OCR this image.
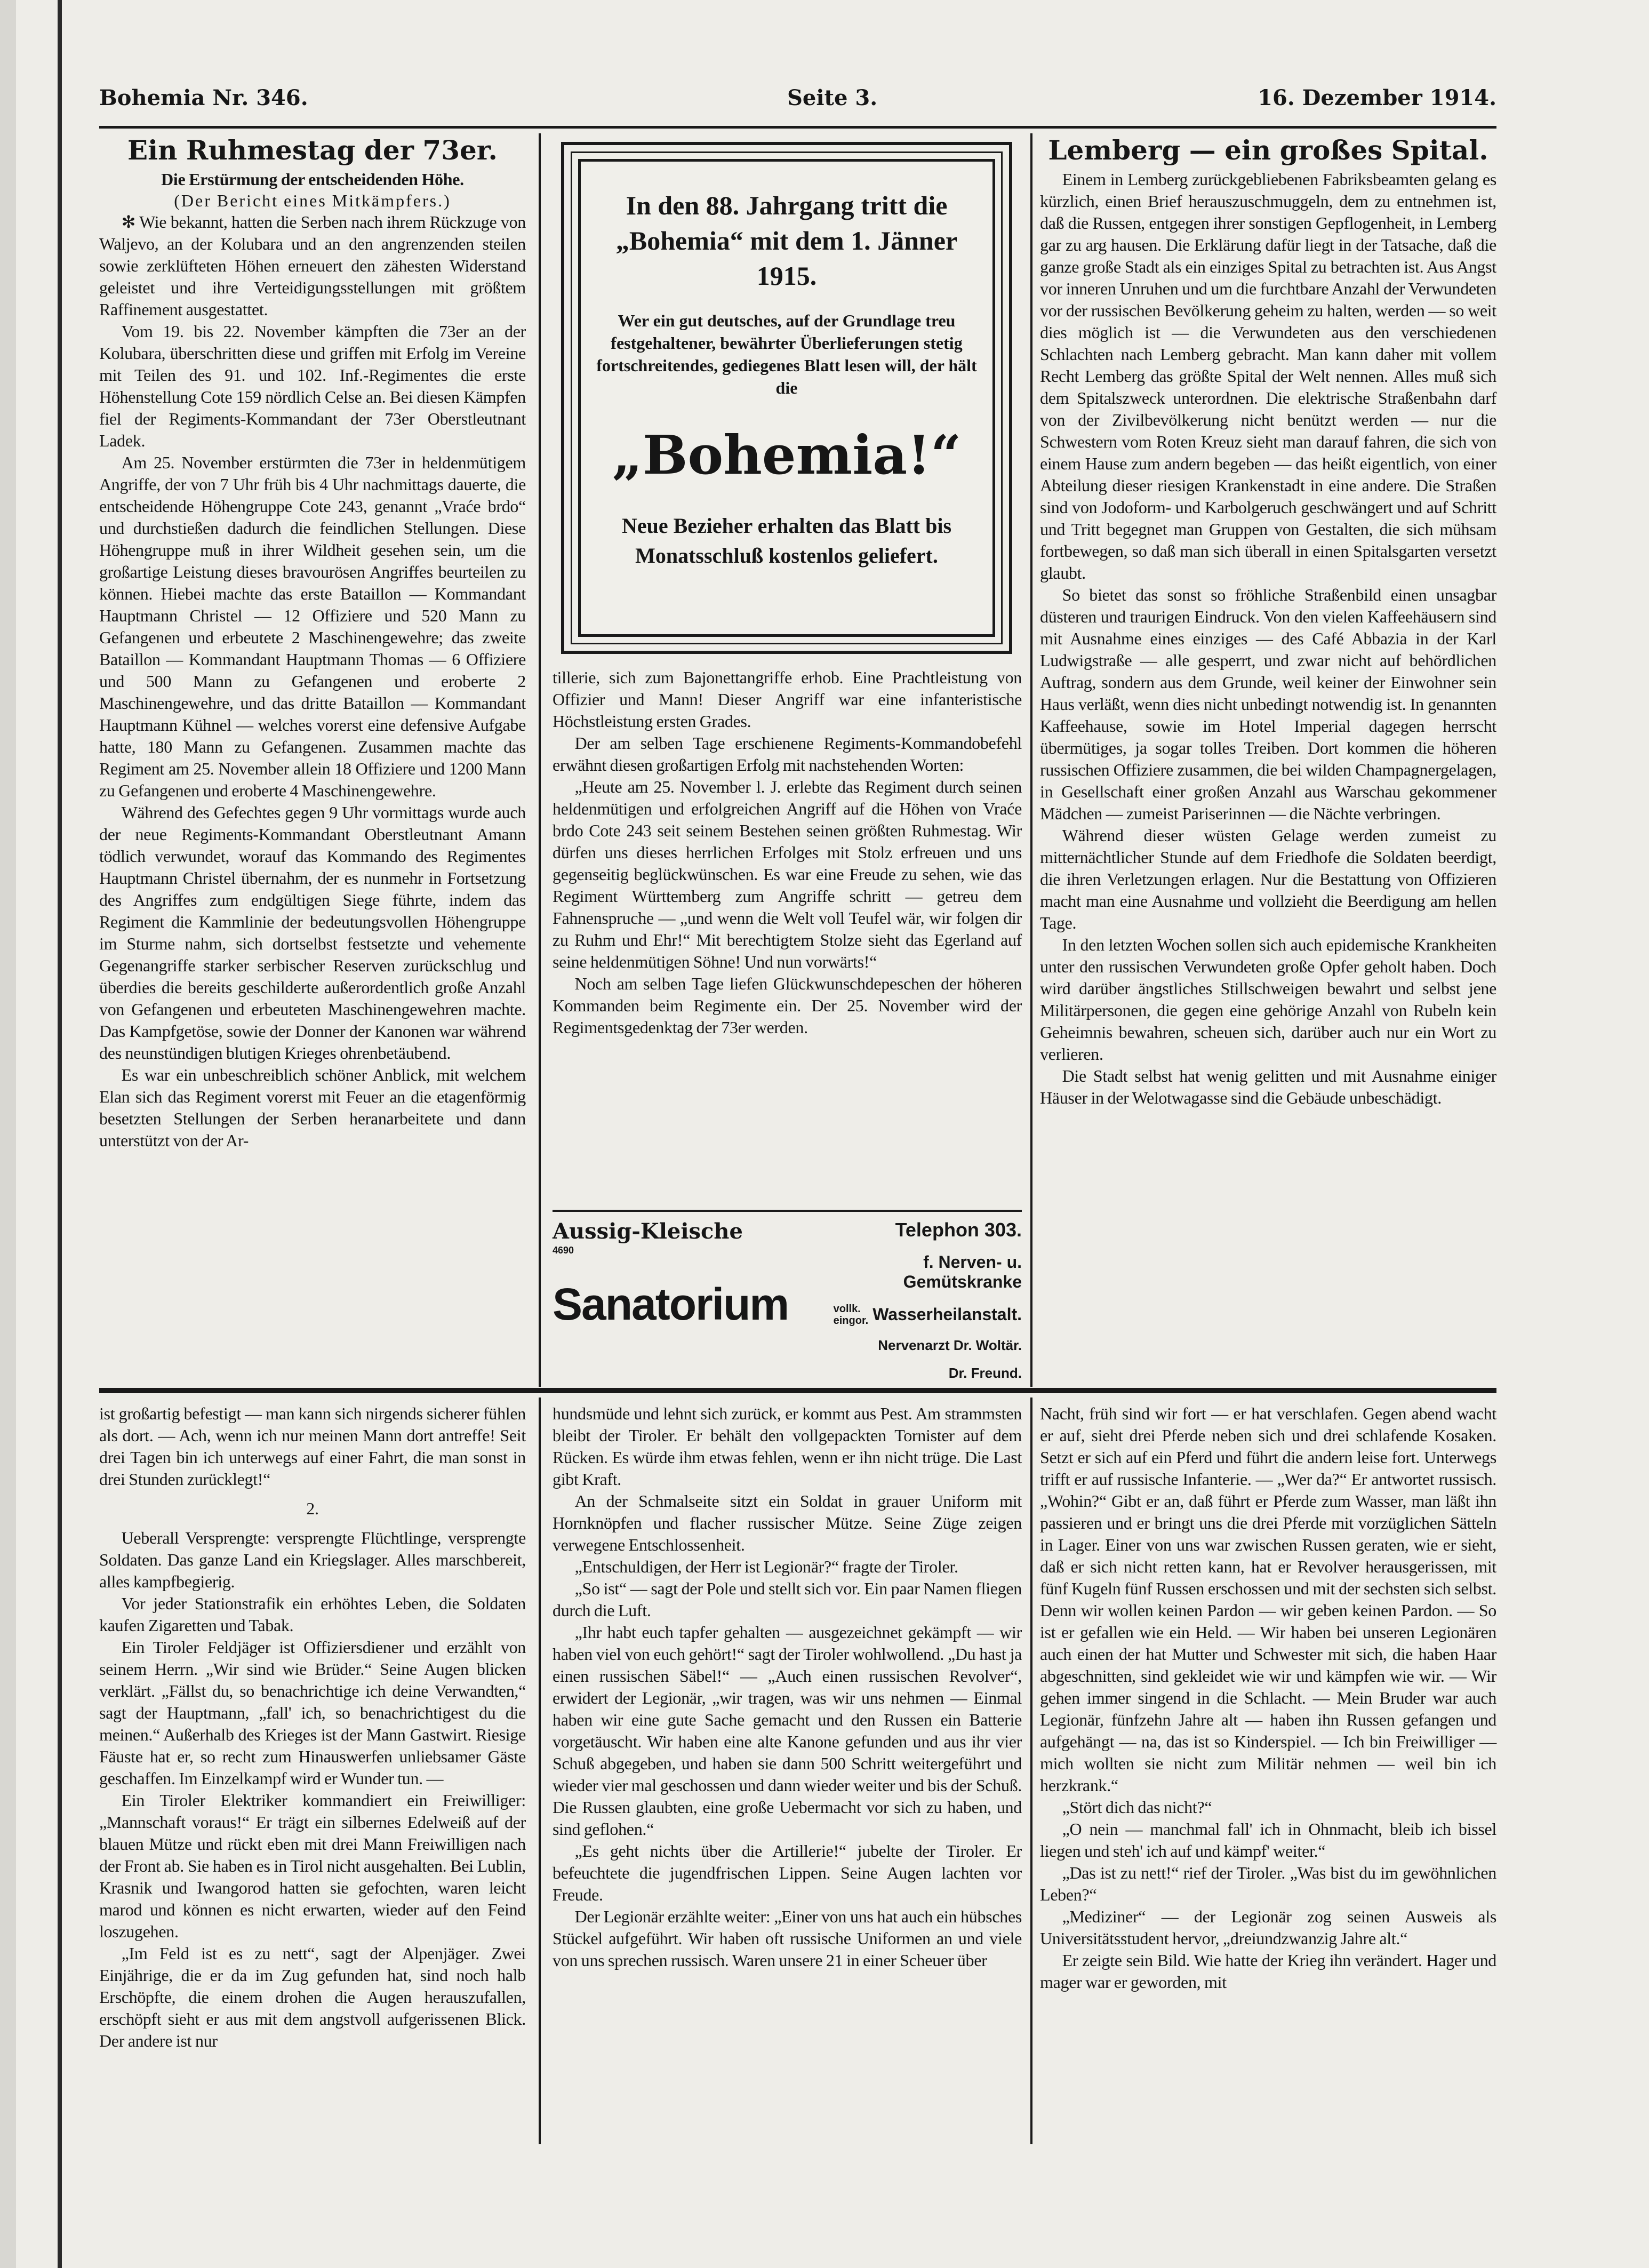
Bohemia Nr. 346.	Seite 3.	16. Dezember 1914.
Ein Ruhmestag der 73er.

Die Erstürmung der entscheidenden Höhe.

(Der Bericht eines Mitkämpfers.)

✻ Wie bekannt, hatten die Serben nach ihrem Rückzuge von Waljevo, an der Kolubara und an den angrenzenden steilen sowie zerklüfteten Höhen erneuert den zähesten Widerstand geleistet und ihre Verteidigungsstellungen mit größtem Raffinement ausgestattet.

Vom 19. bis 22. November kämpften die 73er an der Kolubara, überschritten diese und griffen mit Erfolg im Vereine mit Teilen des 91. und 102. Inf.-Regimentes die erste Höhenstellung Cote 159 nördlich Celse an. Bei diesen Kämpfen fiel der Regiments-Kommandant der 73er Oberstleutnant Ladek.

Am 25. November erstürmten die 73er in heldenmütigem Angriffe, der von 7 Uhr früh bis 4 Uhr nachmittags dauerte, die entscheidende Höhengruppe Cote 243, genannt „Vraće brdo“ und durchstießen dadurch die feindlichen Stellungen. Diese Höhengruppe muß in ihrer Wildheit gesehen sein, um die großartige Leistung dieses bravourösen Angriffes beurteilen zu können. Hiebei machte das erste Bataillon — Kommandant Hauptmann Christel — 12 Offiziere und 520 Mann zu Gefangenen und erbeutete 2 Maschinengewehre; das zweite Bataillon — Kommandant Hauptmann Thomas — 6 Offiziere und 500 Mann zu Gefangenen und eroberte 2 Maschinengewehre, und das dritte Bataillon — Kommandant Hauptmann Kühnel — welches vorerst eine defensive Aufgabe hatte, 180 Mann zu Gefangenen. Zusammen machte das Regiment am 25. November allein 18 Offiziere und 1200 Mann zu Gefangenen und eroberte 4 Maschinengewehre.

Während des Gefechtes gegen 9 Uhr vormittags wurde auch der neue Regiments-Kommandant Oberstleutnant Amann tödlich verwundet, worauf das Kommando des Regimentes Hauptmann Christel übernahm, der es nunmehr in Fortsetzung des Angriffes zum endgültigen Siege führte, indem das Regiment die Kammlinie der bedeutungsvollen Höhengruppe im Sturme nahm, sich dortselbst festsetzte und vehemente Gegenangriffe starker serbischer Reserven zurückschlug und überdies die bereits geschilderte außerordentlich große Anzahl von Gefangenen und erbeuteten Maschinengewehren machte. Das Kampfgetöse, sowie der Donner der Kanonen war während des neunstündigen blutigen Krieges ohrenbetäubend.

Es war ein unbeschreiblich schöner Anblick, mit welchem Elan sich das Regiment vorerst mit Feuer an die etagenförmig besetzten Stellungen der Serben heranarbeitete und dann unterstützt von der Ar-

In den 88. Jahrgang tritt die „Bohemia“ mit dem 1. Jänner 1915.
Wer ein gut deutsches, auf der Grundlage treu festgehaltener, bewährter Überlieferungen stetig fortschreitendes, gediegenes Blatt lesen will, der hält die
„Bohemia!“
Neue Bezieher erhalten das Blatt bis Monatsschluß kostenlos geliefert.

tillerie, sich zum Bajonettangriffe erhob. Eine Prachtleistung von Offizier und Mann! Dieser Angriff war eine infanteristische Höchstleistung ersten Grades.

Der am selben Tage erschienene Regiments-Kommandobefehl erwähnt diesen großartigen Erfolg mit nachstehenden Worten:

„Heute am 25. November l. J. erlebte das Regiment durch seinen heldenmütigen und erfolgreichen Angriff auf die Höhen von Vraće brdo Cote 243 seit seinem Bestehen seinen größten Ruhmestag. Wir dürfen uns dieses herrlichen Erfolges mit Stolz erfreuen und uns gegenseitig beglückwünschen. Es war eine Freude zu sehen, wie das Regiment Württemberg zum Angriffe schritt — getreu dem Fahnenspruche — „und wenn die Welt voll Teufel wär, wir folgen dir zu Ruhm und Ehr!“ Mit berechtigtem Stolze sieht das Egerland auf seine heldenmütigen Söhne! Und nun vorwärts!“

Noch am selben Tage liefen Glückwunschdepeschen der höheren Kommanden beim Regimente ein. Der 25. November wird der Regimentsgedenktag der 73er werden.

Aussig-Kleische
4690
Sanatorium
Telephon 303.
f. Nerven- u. Gemütskranke
vollk.
eingor. Wasserheilanstalt.
Nervenarzt Dr. Woltär.
Dr. Freund.
Lemberg — ein großes Spital.

Einem in Lemberg zurückgebliebenen Fabriksbeamten gelang es kürzlich, einen Brief herauszuschmuggeln, dem zu entnehmen ist, daß die Russen, entgegen ihrer sonstigen Gepflogenheit, in Lemberg gar zu arg hausen. Die Erklärung dafür liegt in der Tatsache, daß die ganze große Stadt als ein einziges Spital zu betrachten ist. Aus Angst vor inneren Unruhen und um die furchtbare Anzahl der Verwundeten vor der russischen Bevölkerung geheim zu halten, werden — so weit dies möglich ist — die Verwundeten aus den verschiedenen Schlachten nach Lemberg gebracht. Man kann daher mit vollem Recht Lemberg das größte Spital der Welt nennen. Alles muß sich dem Spitalszweck unterordnen. Die elektrische Straßenbahn darf von der Zivilbevölkerung nicht benützt werden — nur die Schwestern vom Roten Kreuz sieht man darauf fahren, die sich von einem Hause zum andern begeben — das heißt eigentlich, von einer Abteilung dieser riesigen Krankenstadt in eine andere. Die Straßen sind von Jodoform- und Karbolgeruch geschwängert und auf Schritt und Tritt begegnet man Gruppen von Gestalten, die sich mühsam fortbewegen, so daß man sich überall in einen Spitalsgarten versetzt glaubt.

So bietet das sonst so fröhliche Straßenbild einen unsagbar düsteren und traurigen Eindruck. Von den vielen Kaffeehäusern sind mit Ausnahme eines einziges — des Café Abbazia in der Karl Ludwigstraße — alle gesperrt, und zwar nicht auf behördlichen Auftrag, sondern aus dem Grunde, weil keiner der Einwohner sein Haus verläßt, wenn dies nicht unbedingt notwendig ist. In genannten Kaffeehause, sowie im Hotel Imperial dagegen herrscht übermütiges, ja sogar tolles Treiben. Dort kommen die höheren russischen Offiziere zusammen, die bei wilden Champagnergelagen, in Gesellschaft einer großen Anzahl aus Warschau gekommener Mädchen — zumeist Pariserinnen — die Nächte verbringen.

Während dieser wüsten Gelage werden zumeist zu mitternächtlicher Stunde auf dem Friedhofe die Soldaten beerdigt, die ihren Verletzungen erlagen. Nur die Bestattung von Offizieren macht man eine Ausnahme und vollzieht die Beerdigung am hellen Tage.

In den letzten Wochen sollen sich auch epidemische Krankheiten unter den russischen Verwundeten große Opfer geholt haben. Doch wird darüber ängstliches Stillschweigen bewahrt und selbst jene Militärpersonen, die gegen eine gehörige Anzahl von Rubeln kein Geheimnis bewahren, scheuen sich, darüber auch nur ein Wort zu verlieren.

Die Stadt selbst hat wenig gelitten und mit Ausnahme einiger Häuser in der Welotwagasse sind die Gebäude unbeschädigt.

ist großartig befestigt — man kann sich nirgends sicherer fühlen als dort. — Ach, wenn ich nur meinen Mann dort antreffe! Seit drei Tagen bin ich unterwegs auf einer Fahrt, die man sonst in drei Stunden zurücklegt!“

2.

Ueberall Versprengte: versprengte Flüchtlinge, versprengte Soldaten. Das ganze Land ein Kriegslager. Alles marschbereit, alles kampfbegierig.

Vor jeder Stationstrafik ein erhöhtes Leben, die Soldaten kaufen Zigaretten und Tabak.

Ein Tiroler Feldjäger ist Offiziersdiener und erzählt von seinem Herrn. „Wir sind wie Brüder.“ Seine Augen blicken verklärt. „Fällst du, so benachrichtige ich deine Verwandten,“ sagt der Hauptmann, „fall' ich, so benachrichtigest du die meinen.“ Außerhalb des Krieges ist der Mann Gastwirt. Riesige Fäuste hat er, so recht zum Hinauswerfen unliebsamer Gäste geschaffen. Im Einzelkampf wird er Wunder tun. —

Ein Tiroler Elektriker kommandiert ein Freiwilliger: „Mannschaft voraus!“ Er trägt ein silbernes Edelweiß auf der blauen Mütze und rückt eben mit drei Mann Freiwilligen nach der Front ab. Sie haben es in Tirol nicht ausgehalten. Bei Lublin, Krasnik und Iwangorod hatten sie gefochten, waren leicht marod und können es nicht erwarten, wieder auf den Feind loszugehen.

„Im Feld ist es zu nett“, sagt der Alpenjäger. Zwei Einjährige, die er da im Zug gefunden hat, sind noch halb Erschöpfte, die einem drohen die Augen herauszufallen, erschöpft sieht er aus mit dem angstvoll aufgerissenen Blick. Der andere ist nur

hundsmüde und lehnt sich zurück, er kommt aus Pest. Am strammsten bleibt der Tiroler. Er behält den vollgepackten Tornister auf dem Rücken. Es würde ihm etwas fehlen, wenn er ihn nicht trüge. Die Last gibt Kraft.

An der Schmalseite sitzt ein Soldat in grauer Uniform mit Hornknöpfen und flacher russischer Mütze. Seine Züge zeigen verwegene Entschlossenheit.

„Entschuldigen, der Herr ist Legionär?“ fragte der Tiroler.

„So ist“ — sagt der Pole und stellt sich vor. Ein paar Namen fliegen durch die Luft.

„Ihr habt euch tapfer gehalten — ausgezeichnet gekämpft — wir haben viel von euch gehört!“ sagt der Tiroler wohlwollend. „Du hast ja einen russischen Säbel!“ — „Auch einen russischen Revolver“, erwidert der Legionär, „wir tragen, was wir uns nehmen — Einmal haben wir eine gute Sache gemacht und den Russen ein Batterie vorgetäuscht. Wir haben eine alte Kanone gefunden und aus ihr vier Schuß abgegeben, und haben sie dann 500 Schritt weitergeführt und wieder vier mal geschossen und dann wieder weiter und bis der Schuß. Die Russen glaubten, eine große Uebermacht vor sich zu haben, und sind geflohen.“

„Es geht nichts über die Artillerie!“ jubelte der Tiroler. Er befeuchtete die jugendfrischen Lippen. Seine Augen lachten vor Freude.

Der Legionär erzählte weiter: „Einer von uns hat auch ein hübsches Stückel aufgeführt. Wir haben oft russische Uniformen an und viele von uns sprechen russisch. Waren unsere 21 in einer Scheuer über

Nacht, früh sind wir fort — er hat verschlafen. Gegen abend wacht er auf, sieht drei Pferde neben sich und drei schlafende Kosaken. Setzt er sich auf ein Pferd und führt die andern leise fort. Unterwegs trifft er auf russische Infanterie. — „Wer da?“ Er antwortet russisch. „Wohin?“ Gibt er an, daß führt er Pferde zum Wasser, man läßt ihn passieren und er bringt uns die drei Pferde mit vorzüglichen Sätteln in Lager. Einer von uns war zwischen Russen geraten, wie er sieht, daß er sich nicht retten kann, hat er Revolver herausgerissen, mit fünf Kugeln fünf Russen erschossen und mit der sechsten sich selbst. Denn wir wollen keinen Pardon — wir geben keinen Pardon. — So ist er gefallen wie ein Held. — Wir haben bei unseren Legionären auch einen der hat Mutter und Schwester mit sich, die haben Haar abgeschnitten, sind gekleidet wie wir und kämpfen wie wir. — Wir gehen immer singend in die Schlacht. — Mein Bruder war auch Legionär, fünfzehn Jahre alt — haben ihn Russen gefangen und aufgehängt — na, das ist so Kinderspiel. — Ich bin Freiwilliger — mich wollten sie nicht zum Militär nehmen — weil bin ich herzkrank.“

„Stört dich das nicht?“

„O nein — manchmal fall' ich in Ohnmacht, bleib ich bissel liegen und steh' ich auf und kämpf' weiter.“

„Das ist zu nett!“ rief der Tiroler. „Was bist du im gewöhnlichen Leben?“

„Mediziner“ — der Legionär zog seinen Ausweis als Universitätsstudent hervor, „dreiundzwanzig Jahre alt.“

Er zeigte sein Bild. Wie hatte der Krieg ihn verändert. Hager und mager war er geworden, mit
